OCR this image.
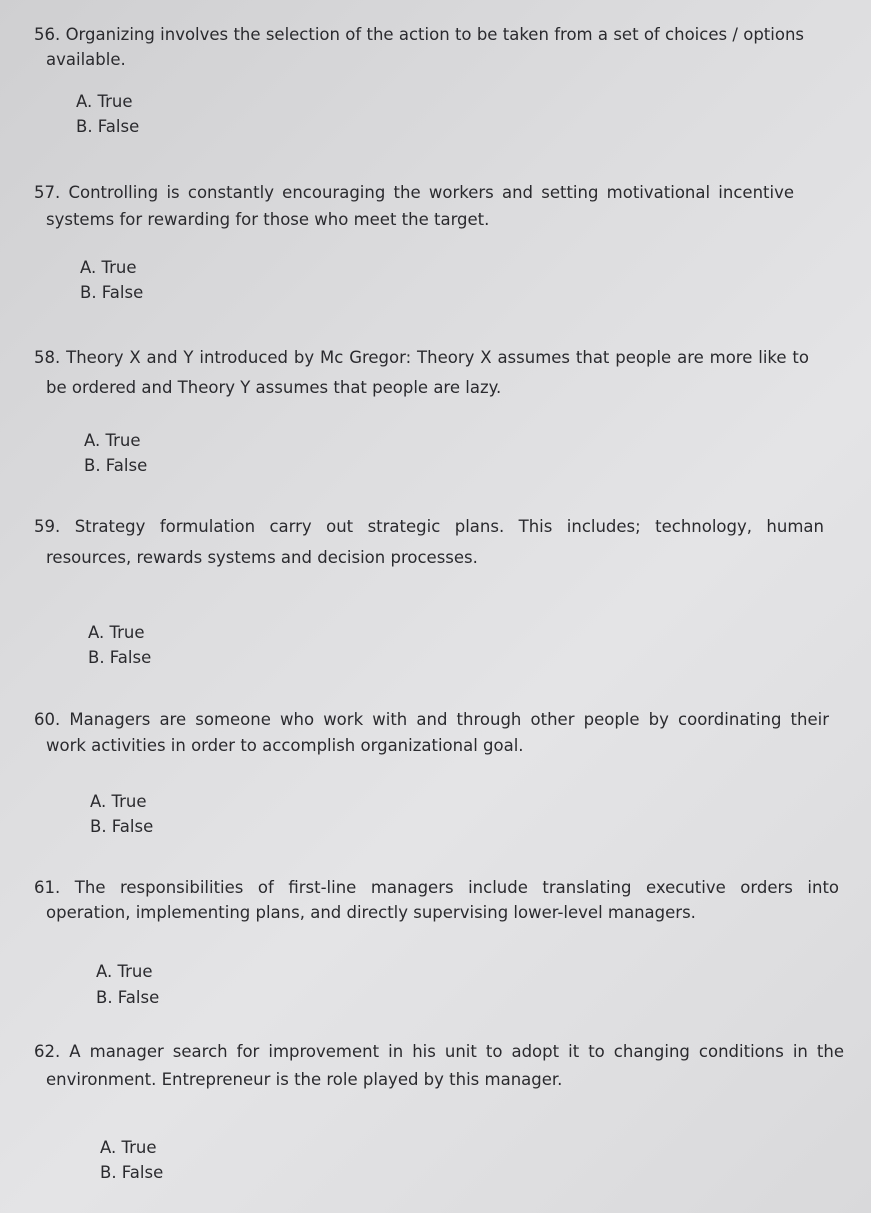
56. Organizing involves the selection of the action to be taken from a set of choices / options
available.
A. True
B. False
57. Controlling is constantly encouraging the workers and setting motivational incentive
systems for rewarding for those who meet the target.
A. True
B. False
58. Theory X and Y introduced by Mc Gregor: Theory X assumes that people are more like to
be ordered and Theory Y assumes that people are lazy.
A. True
B. False
59. Strategy formulation carry out strategic plans. This includes; technology, human
resources, rewards systems and decision processes.
A. True
B. False
60. Managers are someone who work with and through other people by coordinating their
work activities in order to accomplish organizational goal.
A. True
B. False
61. The responsibilities of first-line managers include translating executive orders into
operation, implementing plans, and directly supervising lower-level managers.
A. True
B. False
62. A manager search for improvement in his unit to adopt it to changing conditions in the
environment. Entrepreneur is the role played by this manager.
A. True
B. False
